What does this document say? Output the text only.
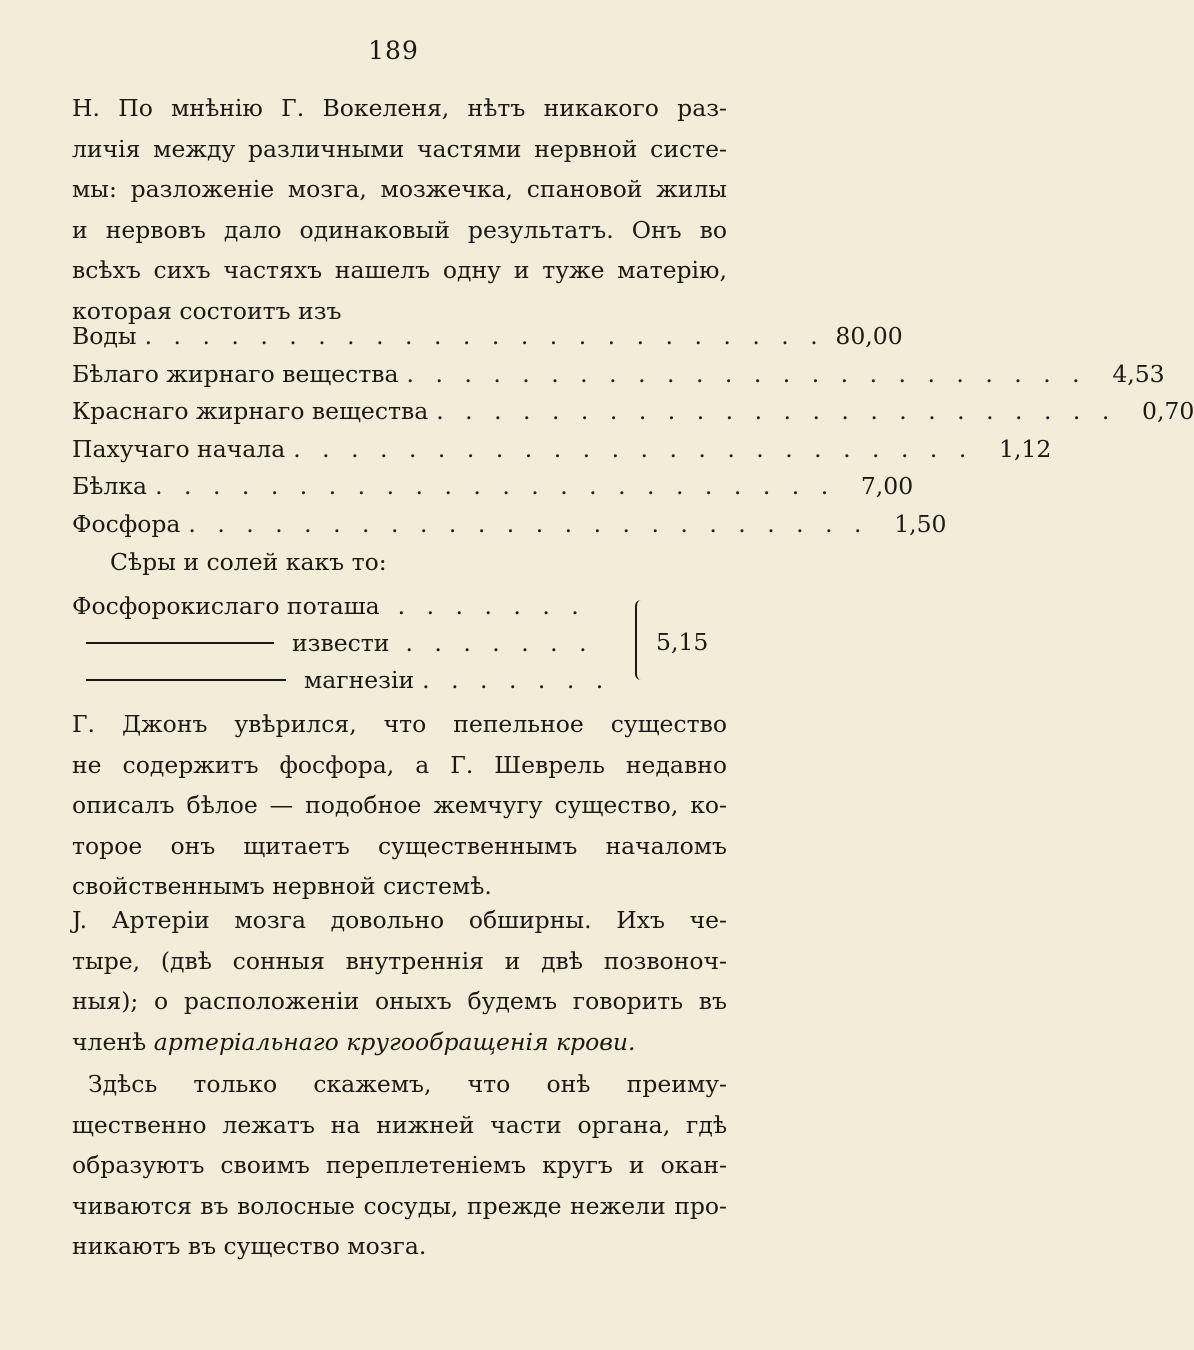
189
H. По мнѣнію Г. Вокеленя, нѣтъ никакого раз-
личія между различными частями нервной систе-
мы: разложеніе мозга, мозжечка, спановой жилы
и нервовъ дало одинаковый результатъ. Онъ во
всѣхъ сихъ частяхъ нашелъ одну и туже матерію,
которая состоитъ изъ
Воды . . . . . . . . . . . . . . . . . . . . . . . . 80,00
Бѣлаго жирнаго вещества . . . . . . . . . . . . . . . . . . . . . . . .	4,53
Краснаго жирнаго вещества . . . . . . . . . . . . . . . . . . . . . . . .	0,70
Пахучаго начала . . . . . . . . . . . . . . . . . . . . . . . .	1,12
Бѣлка . . . . . . . . . . . . . . . . . . . . . . . .	7,00
Фосфора . . . . . . . . . . . . . . . . . . . . . . . .	1,50
Сѣры и солей какъ то:
Фосфорокислаго поташа . . . . . . .
извести . . . . . . .
магнезіи . . . . . . .
5,15
Г. Джонъ увѣрился, что пепельное существо
не содержитъ фосфора, а Г. Шеврель недавно
описалъ бѣлое — подобное жемчугу существо, ко-
торое онъ щитаетъ существеннымъ началомъ
свойственнымъ нервной системѣ.
J. Артеріи мозга довольно обширны. Ихъ че-
тыре, (двѣ сонныя внутреннія и двѣ позвоноч-
ныя); о расположеніи оныхъ будемъ говорить въ
членѣ артеріальнаго кругообращенія крови.
Здѣсь только скажемъ, что онѣ преиму-
щественно лежатъ на нижней части органа, гдѣ
образуютъ своимъ переплетеніемъ кругъ и окан-
чиваются въ волосные сосуды, прежде нежели про-
никаютъ въ существо мозга.
